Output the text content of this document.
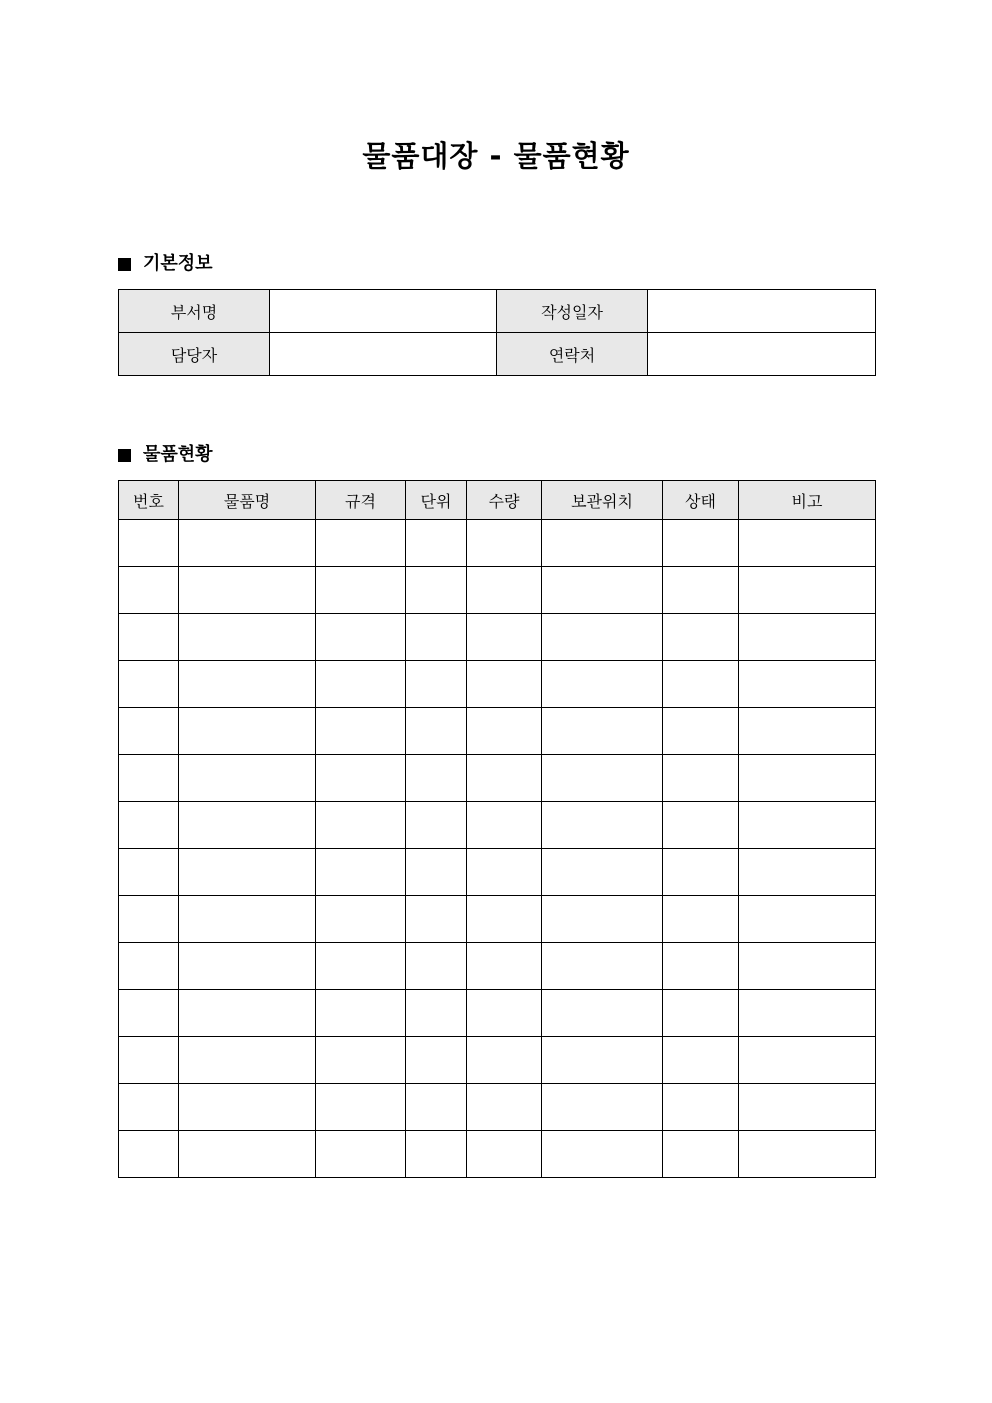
물품대장 - 물품현황
기본정보
부서명		작성일자	
담당자		연락처	
물품현황
번호	물품명	규격	단위	수량	보관위치	상태	비고
